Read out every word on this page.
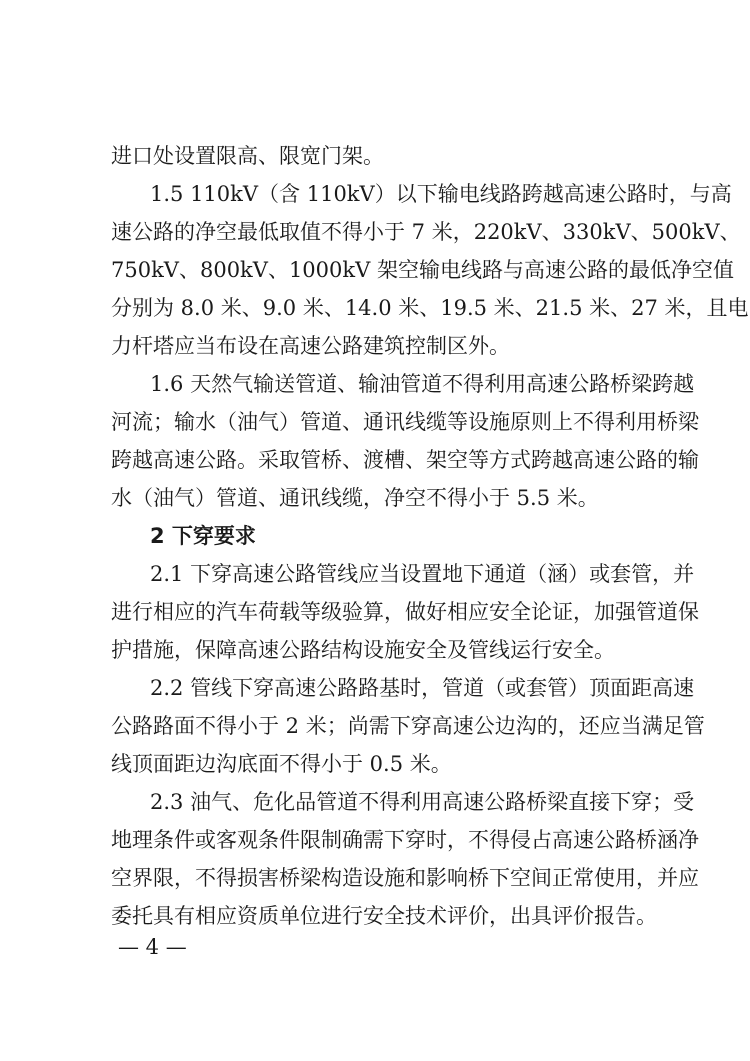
进口处设置限高、限宽门架。
1.5 110kV（含 110kV）以下输电线路跨越高速公路时，与高
速公路的净空最低取值不得小于 7 米，220kV、330kV、500kV、
750kV、800kV、1000kV 架空输电线路与高速公路的最低净空值
分别为 8.0 米、9.0 米、14.0 米、19.5 米、21.5 米、27 米，且电
力杆塔应当布设在高速公路建筑控制区外。
1.6 天然气输送管道、输油管道不得利用高速公路桥梁跨越
河流；输水（油气）管道、通讯线缆等设施原则上不得利用桥梁
跨越高速公路。采取管桥、渡槽、架空等方式跨越高速公路的输
水（油气）管道、通讯线缆，净空不得小于 5.5 米。
2 下穿要求
2.1 下穿高速公路管线应当设置地下通道（涵）或套管，并
进行相应的汽车荷载等级验算，做好相应安全论证，加强管道保
护措施，保障高速公路结构设施安全及管线运行安全。
2.2 管线下穿高速公路路基时，管道（或套管）顶面距高速
公路路面不得小于 2 米；尚需下穿高速公边沟的，还应当满足管
线顶面距边沟底面不得小于 0.5 米。
2.3 油气、危化品管道不得利用高速公路桥梁直接下穿；受
地理条件或客观条件限制确需下穿时，不得侵占高速公路桥涵净
空界限，不得损害桥梁构造设施和影响桥下空间正常使用，并应
委托具有相应资质单位进行安全技术评价，出具评价报告。
— 4 —
